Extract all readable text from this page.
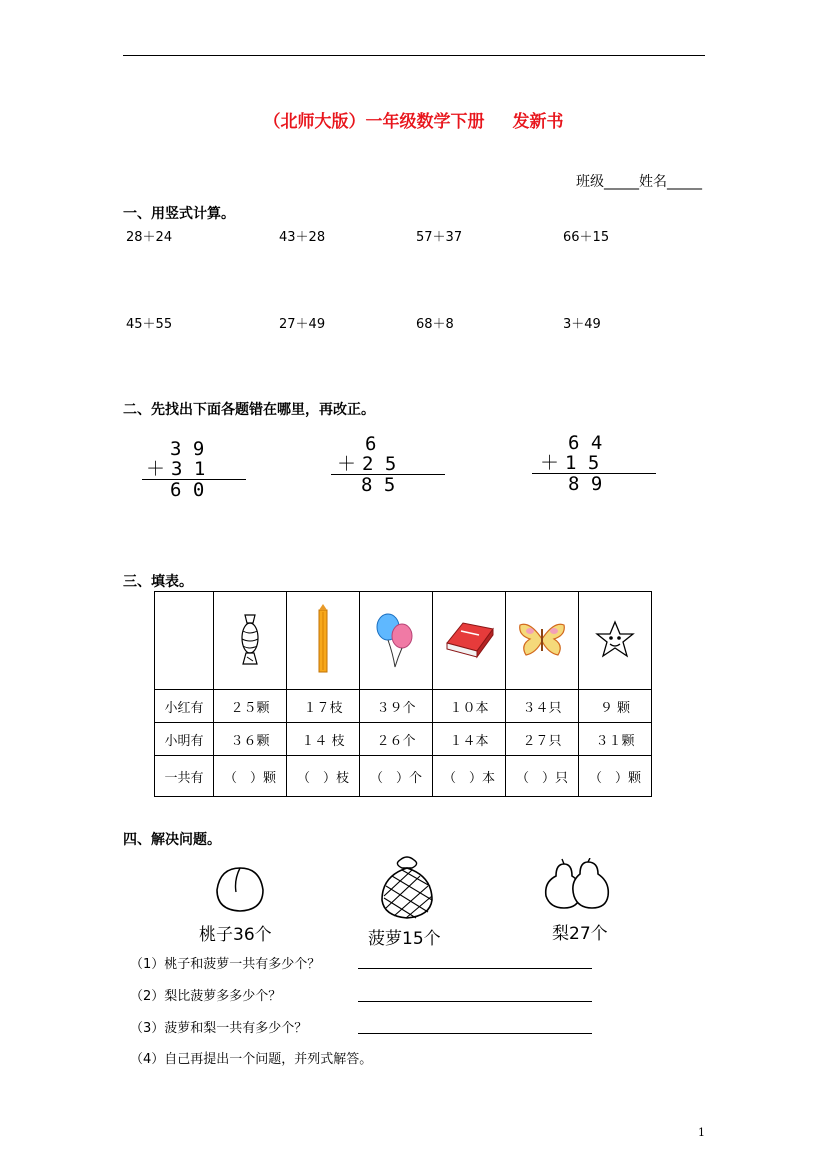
（北师大版）一年级数学下册 发新书
班级_____姓名_____
一、用竖式计算。
28＋24	43＋28	57＋37	66＋15
45＋55	27＋49	68＋8	3＋49
二、先找出下面各题错在哪里，再改正。
3 9
＋ 3 1
6 0
6
＋ 2 5
8 5
6 4
＋ 1 5
8 9
三、填表。

小红有	２５颗	１７枝	３９个	１０本	３４只	９ 颗
小明有	３６颗	１４ 枝	２６个	１４本	２７只	３１颗
一共有	（　）颗	（　）枝	（　）个	（　）本	（　）只	（　）颗
四、解决问题。
桃子36个	菠萝15个	梨27个
（1）桃子和菠萝一共有多少个？
（2）梨比菠萝多多少个？
（3）菠萝和梨一共有多少个？
（4）自己再提出一个问题，并列式解答。
1
